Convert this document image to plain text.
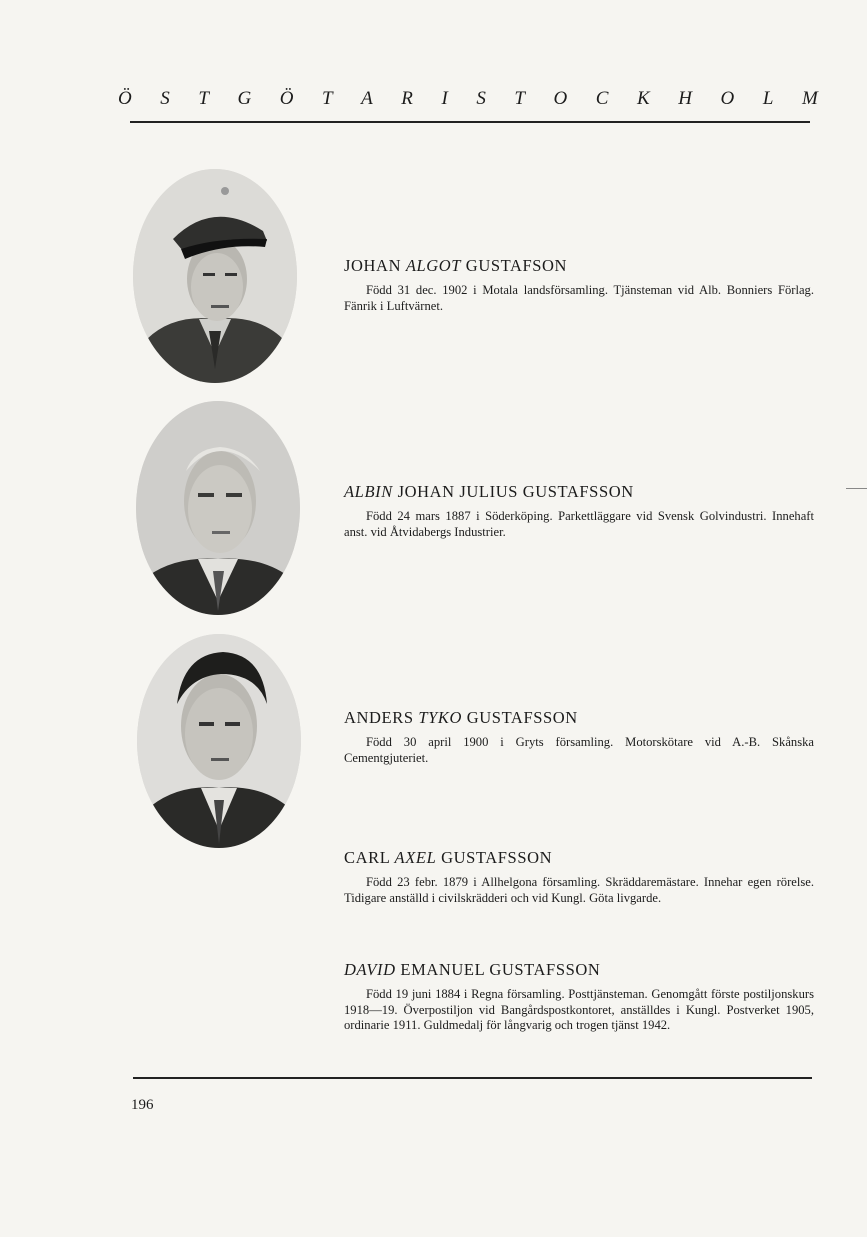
Ö S T G Ö T A R I S T O C K H O L M

JOHAN ALGOT GUSTAFSON

Född 31 dec. 1902 i Motala landsförsamling. Tjänsteman vid Alb. Bonniers Förlag. Fänrik i Luftvärnet.

ALBIN JOHAN JULIUS GUSTAFSSON

Född 24 mars 1887 i Söderköping. Parkettläggare vid Svensk Golvindustri. Innehaft anst. vid Åtvidabergs Industrier.

ANDERS TYKO GUSTAFSSON

Född 30 april 1900 i Gryts församling. Motorskötare vid A.-B. Skånska Cementgjuteriet.

CARL AXEL GUSTAFSSON

Född 23 febr. 1879 i Allhelgona församling. Skräddaremästare. Innehar egen rörelse. Tidigare anställd i civilskrädderi och vid Kungl. Göta livgarde.

DAVID EMANUEL GUSTAFSSON

Född 19 juni 1884 i Regna församling. Posttjänsteman. Genomgått förste postiljonskurs 1918—19. Överpostiljon vid Bangårdspostkontoret, anställdes i Kungl. Postverket 1905, ordinarie 1911. Guldmedalj för långvarig och trogen tjänst 1942.

196
